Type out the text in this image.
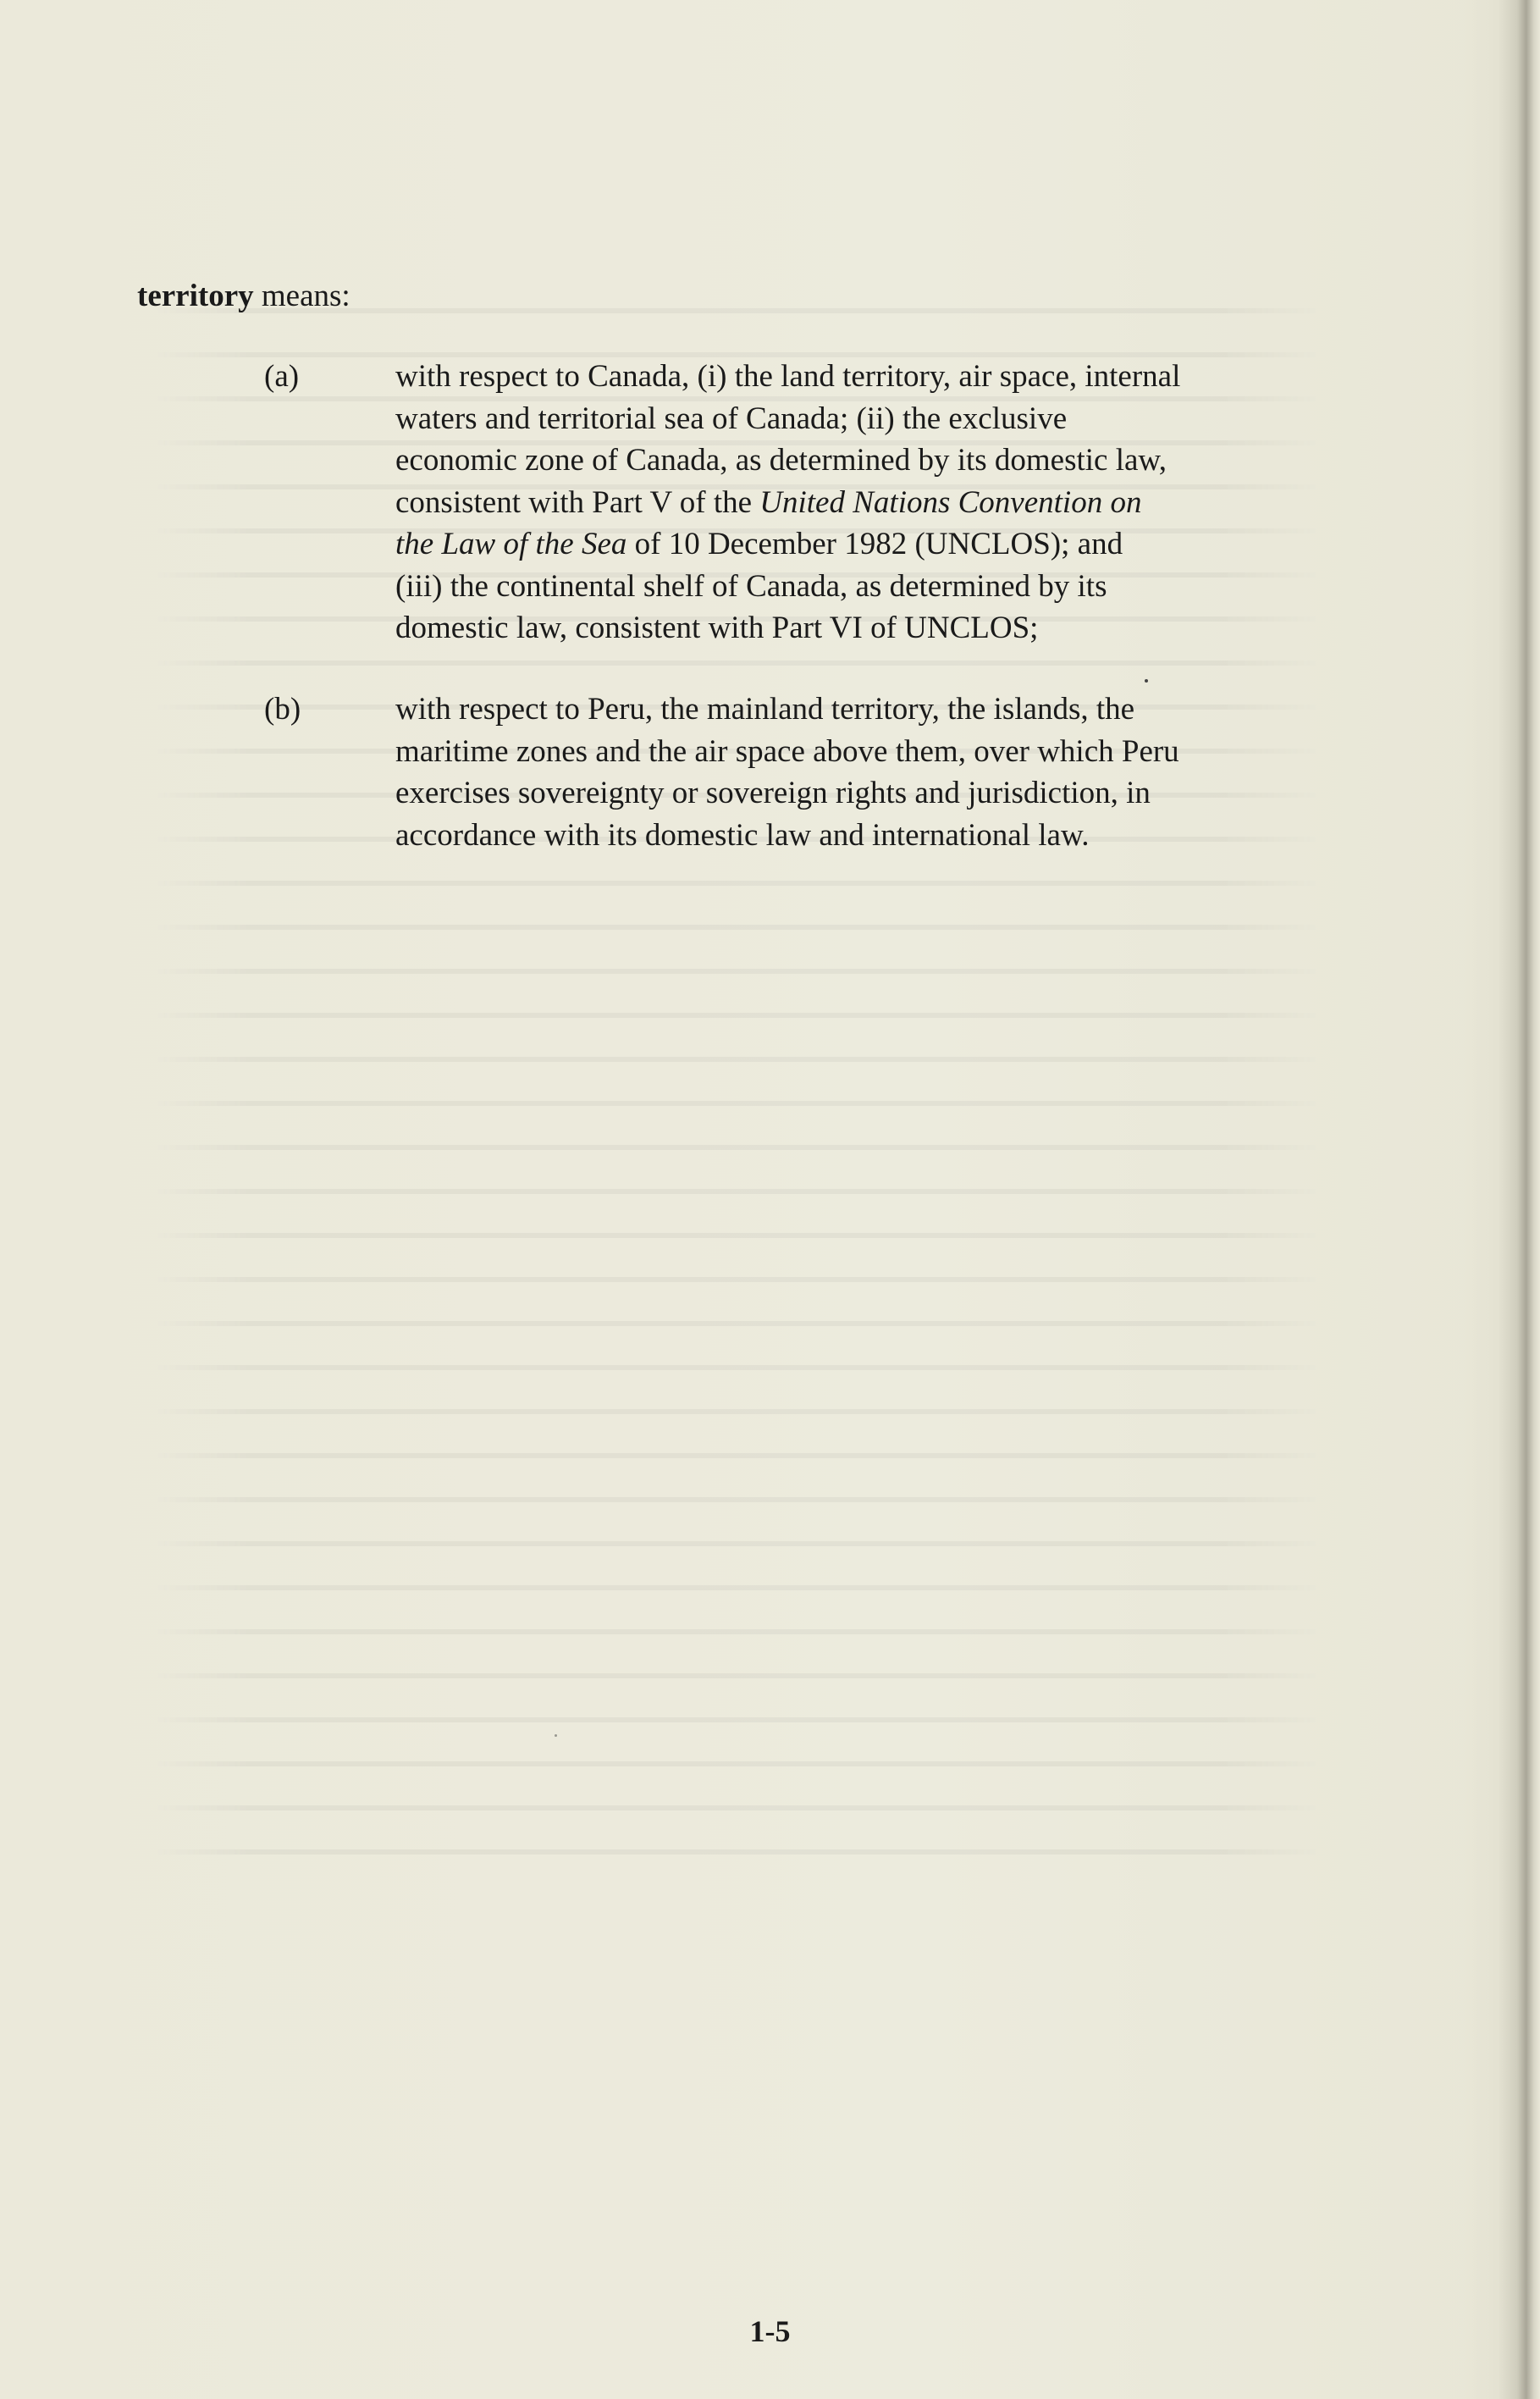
territory means:
(a)	with respect to Canada, (i) the land territory, air space, internal
waters and territorial sea of Canada; (ii) the exclusive
economic zone of Canada, as determined by its domestic law,
consistent with Part V of the United Nations Convention on
the Law of the Sea of 10 December 1982 (UNCLOS); and
(iii) the continental shelf of Canada, as determined by its
domestic law, consistent with Part VI of UNCLOS;
(b)	with respect to Peru, the mainland territory, the islands, the
maritime zones and the air space above them, over which Peru
exercises sovereignty or sovereign rights and jurisdiction, in
accordance with its domestic law and international law.
1-5
